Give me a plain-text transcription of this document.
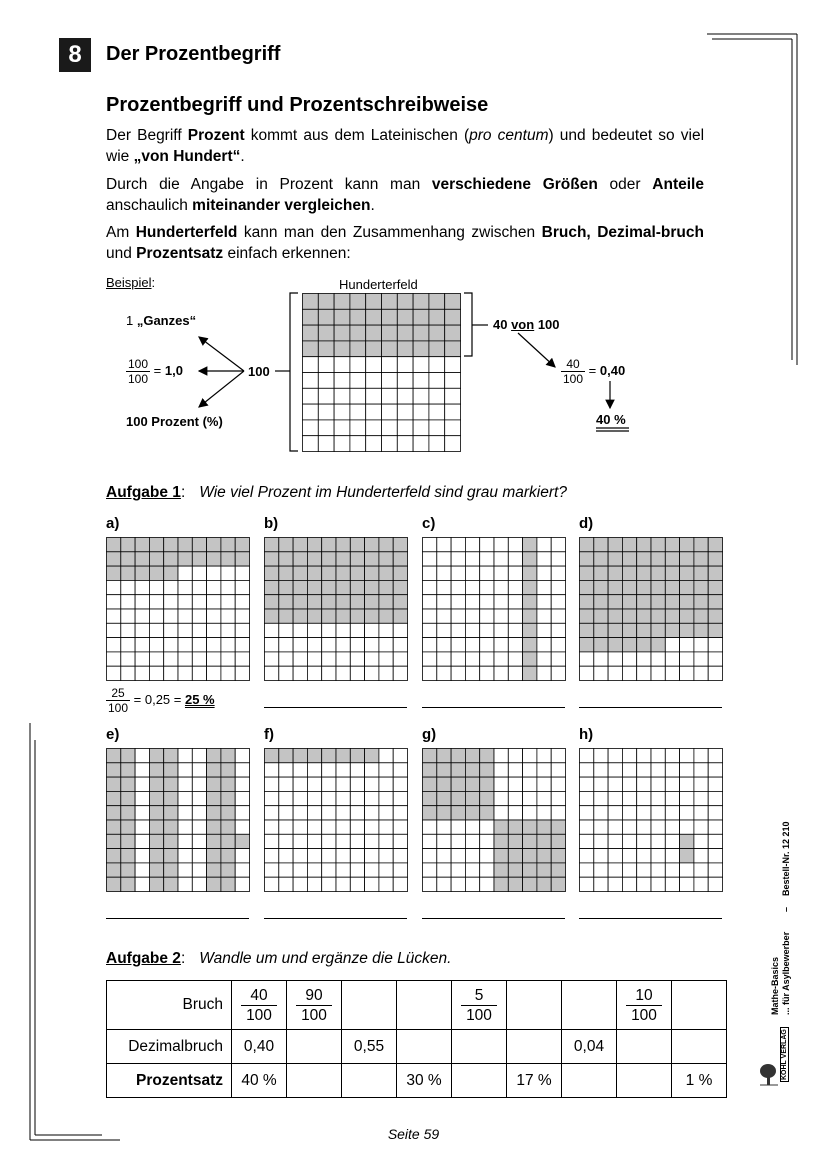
8	Der Prozentbegriff
Prozentbegriff und Prozentschreibweise
Der Begriff Prozent kommt aus dem Lateinischen (pro centum) und bedeutet so viel wie „von Hundert“.
Durch die Angabe in Prozent kann man verschiedene Größen oder Anteile anschaulich miteinander vergleichen.
Am Hunderterfeld kann man den Zusammenhang zwischen Bruch, Dezimal-bruch und Prozentsatz einfach erkennen:
Beispiel:	Hunderterfeld
1 „Ganzes“
$\frac{100}{100} = 1,0$	100
100 Prozent (%)
40 von 100
$\frac{40}{100} = 0,40$
40 %
Aufgabe 1: Wie viel Prozent im Hunderterfeld sind grau markiert?
a)	b)	c)	d)
e)	f)	g)	h)
$\frac{25}{100} = 0,25 = 25$ %
Aufgabe 2: Wandle um und ergänze die Lücken.
Bruch	$\frac{40}{100}$	$\frac{90}{100}$			$\frac{5}{100}$			$\frac{10}{100}$

Dezimalbruch	0,40		0,55				0,04		
Prozentsatz	40 %			30 %		17 %			1 %
Seite 59
Bestell-Nr. 12 210
–
Mathe-Basics ... für Asylbewerber
KOHL VERLAG
